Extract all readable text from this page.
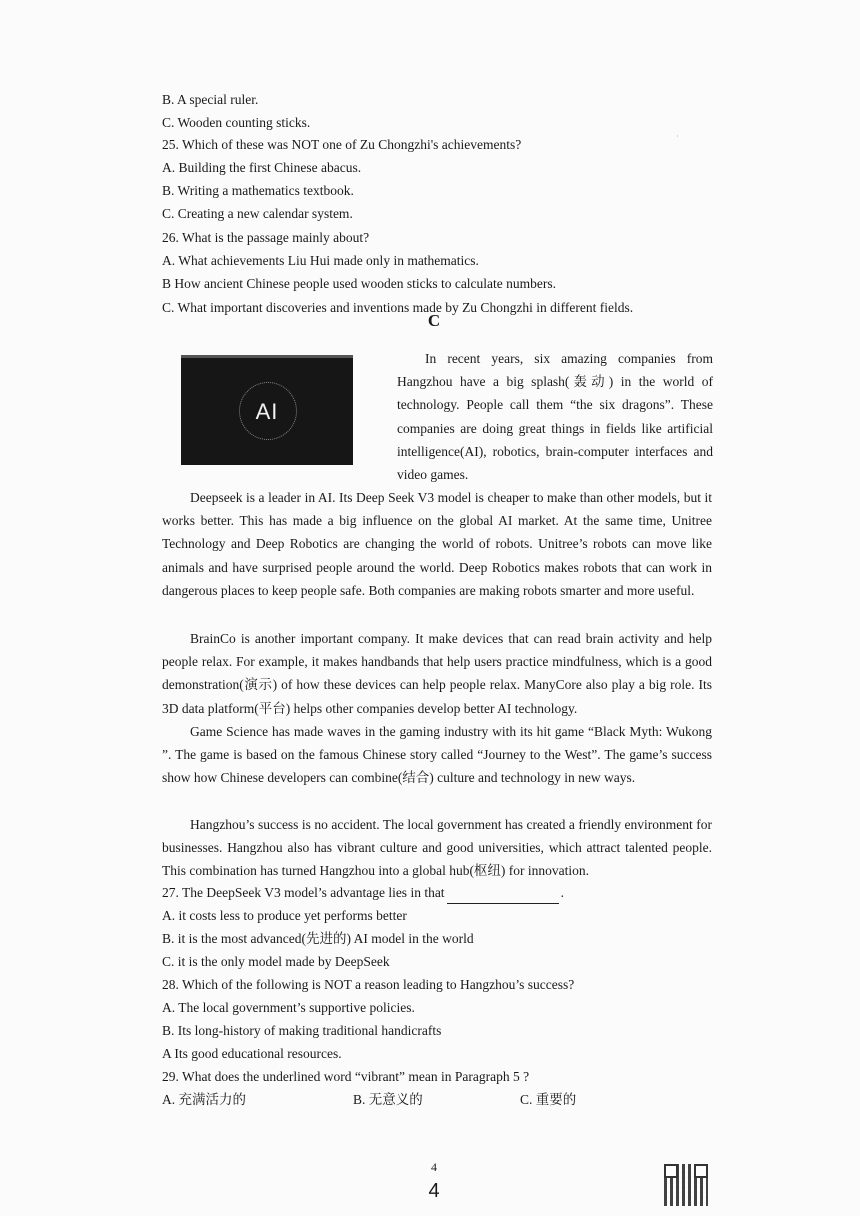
B. A special ruler.
C. Wooden counting sticks.
25. Which of these was NOT one of Zu Chongzhi's achievements?
A. Building the first Chinese abacus.
B. Writing a mathematics textbook.
C. Creating a new calendar system.
26. What is the passage mainly about?
A. What achievements Liu Hui made only in mathematics.
B How ancient Chinese people used wooden sticks to calculate numbers.
C. What important discoveries and inventions made by Zu Chongzhi in different fields.
˙
C
AI
In recent years, six amazing companies from Hangzhou have a big splash(轰动) in the world of technology. People call them “the six dragons”. These companies are doing great things in fields like artificial intelligence(AI), robotics, brain-computer interfaces and video games.
Deepseek is a leader in AI. Its Deep Seek V3 model is cheaper to make than other models, but it works better. This has made a big influence on the global AI market. At the same time, Unitree Technology and Deep Robotics are changing the world of robots. Unitree’s robots can move like animals and have surprised people around the world. Deep Robotics makes robots that can work in dangerous places to keep people safe. Both companies are making robots smarter and more useful.
BrainCo is another important company. It make devices that can read brain activity and help people relax. For example, it makes handbands that help users practice mindfulness, which is a good demonstration(演示) of how these devices can help people relax. ManyCore also play a big role. Its 3D data platform(平台) helps other companies develop better AI technology.
Game Science has made waves in the gaming industry with its hit game “Black Myth: Wukong ”. The game is based on the famous Chinese story called “Journey to the West”. The game’s success show how Chinese developers can combine(结合) culture and technology in new ways.
Hangzhou’s success is no accident. The local government has created a friendly environment for businesses. Hangzhou also has vibrant culture and good universities, which attract talented people. This combination has turned Hangzhou into a global hub(枢纽) for innovation.
27. The DeepSeek V3 model’s advantage lies in that	.
A. it costs less to produce yet performs better
B. it is the most advanced(先进的) AI model in the world
C. it is the only model made by DeepSeek
28. Which of the following is NOT a reason leading to Hangzhou’s success?
A. The local government’s supportive policies.
B. Its long-history of making traditional handicrafts
A Its good educational resources.
29. What does the underlined word “vibrant” mean in Paragraph 5 ?
A. 充满活力的	B. 无意义的	C. 重要的
4
4
